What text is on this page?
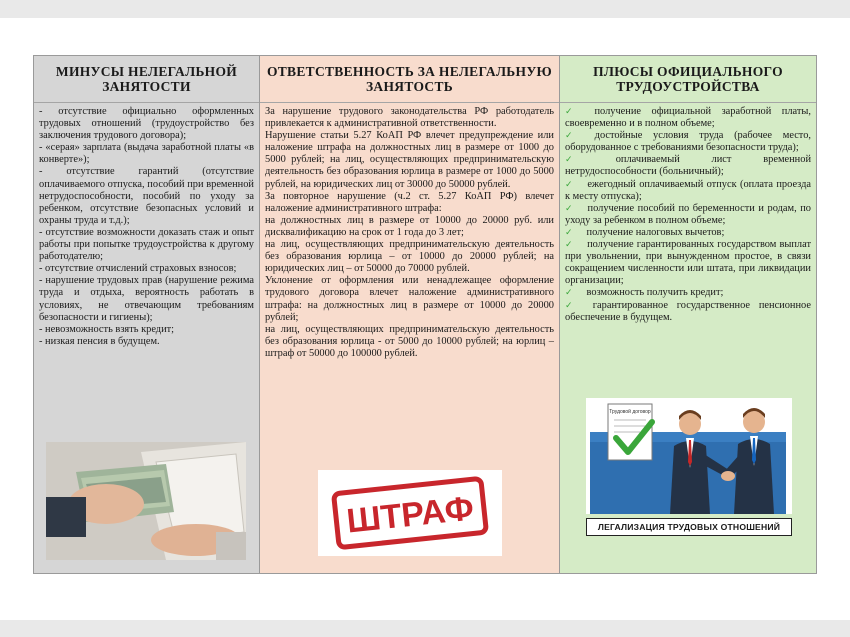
МИНУСЫ НЕЛЕГАЛЬНОЙ ЗАНЯТОСТИ

- отсутствие официально оформленных трудовых отношений (трудоустройство без заключения трудового договора);

- «серая» зарплата (выдача заработной платы «в конверте»);

- отсутствие гарантий (отсутствие оплачиваемого отпуска, пособий при временной нетрудоспособности, пособий по уходу за ребенком, отсутствие безопасных условий и охраны труда и т.д.);

- отсутствие возможности доказать стаж и опыт работы при попытке трудоустройства к другому работодателю;

- отсутствие отчислений страховых взносов;

- нарушение трудовых прав (нарушение режима труда и отдыха, вероятность работать в условиях, не отвечающим требованиям безопасности и гигиены);

- невозможность взять кредит;

- низкая пенсия в будущем.

ОТВЕТСТВЕННОСТЬ ЗА НЕЛЕГАЛЬНУЮ ЗАНЯТОСТЬ

За нарушение трудового законодательства РФ работодатель привлекается к административной ответственности.

Нарушение статьи 5.27 КоАП РФ влечет предупреждение или наложение штрафа на должностных лиц в размере от 1000 до 5000 рублей; на лиц, осуществляющих предпринимательскую деятельность без образования юрлица в размере от 1000 до 5000 рублей, на юридических лиц от 30000 до 50000 рублей.

За повторное нарушение (ч.2 ст. 5.27 КоАП РФ) влечет наложение административного штрафа:

на должностных лиц в размере от 10000 до 20000 руб. или дисквалификацию на срок от 1 года до 3 лет;

на лиц, осуществляющих предпринимательскую деятельность без образования юрлица – от 10000 до 20000 рублей; на юридических лиц – от 50000 до 70000 рублей.

Уклонение от оформления или ненадлежащее оформление трудового договора влечет наложение административного штрафа: на должностных лиц в размере от 10000 до 20000 рублей;

на лиц, осуществляющих предпринимательскую деятельность без образования юрлица - от 5000 до 10000 рублей; на юрлиц – штраф от 50000 до 100000 рублей.

ШТРАФ
ПЛЮСЫ ОФИЦИАЛЬНОГО ТРУДОУСТРОЙСТВА

✓ получение официальной заработной платы, своевременно и в полном объеме;

✓ достойные условия труда (рабочее место, оборудованное с требованиями безопасности труда);

✓ оплачиваемый лист временной нетрудоспособности (больничный);

✓ ежегодный оплачиваемый отпуск (оплата проезда к месту отпуска);

✓ получение пособий по беременности и родам, по уходу за ребенком в полном объеме;

✓ получение налоговых вычетов;

✓ получение гарантированных государством выплат при увольнении, при вынужденном простое, в связи сокращением численности или штата, при ликвидации организации;

✓ возможность получить кредит;

✓ гарантированное государственное пенсионное обеспечение в будущем.

Трудовой договор
ЛЕГАЛИЗАЦИЯ ТРУДОВЫХ ОТНОШЕНИЙ
